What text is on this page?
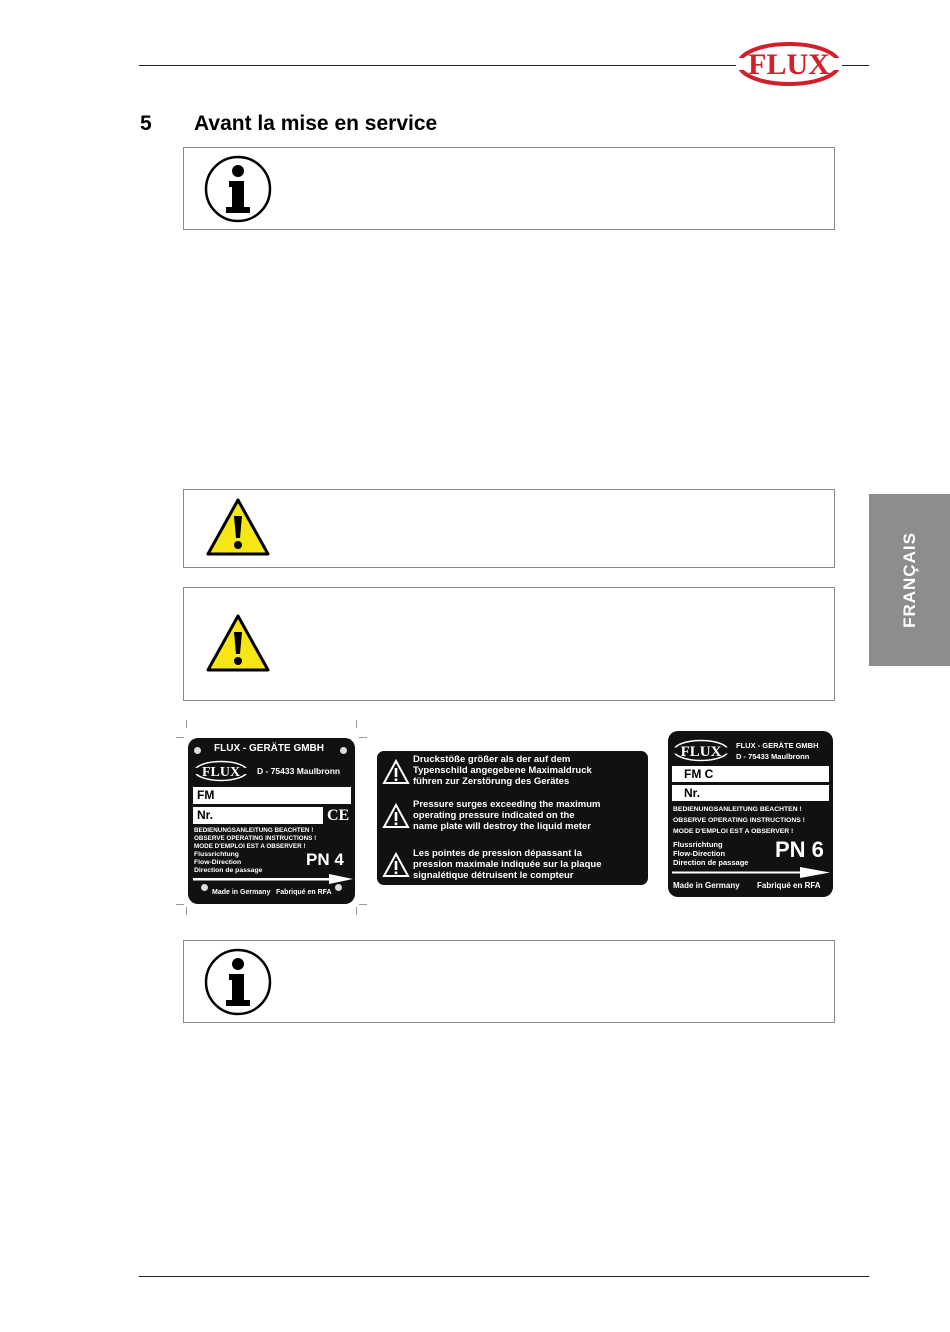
FLUX
5 Avant la mise en service
FRANÇAIS
FLUX - GERÄTE GMBH
FLUX D - 75433 Maulbronn
FM
Nr.	CE
BEDIENUNGSANLEITUNG BEACHTEN !
OBSERVE OPERATING INSTRUCTIONS !
MODE D'EMPLOI EST A OBSERVER !
Flussrichtung
Flow-Direction
Direction de passage
PN 4
Made in Germany Fabriqué en RFA
Druckstöße größer als der auf dem
Typenschild angegebene Maximaldruck
führen zur Zerstörung des Gerätes
Pressure surges exceeding the maximum
operating pressure indicated on the
name plate will destroy the liquid meter
Les pointes de pression dépassant la
pression maximale indiquée sur la plaque
signalétique détruisent le compteur
FLUX FLUX - GERÄTE GMBH
D - 75433 Maulbronn
FM C
Nr.
BEDIENUNGSANLEITUNG BEACHTEN !
OBSERVE OPERATING INSTRUCTIONS !
MODE D'EMPLOI EST A OBSERVER !
Flussrichtung
Flow-Direction
Direction de passage
PN 6
Made in Germany Fabriqué en RFA
